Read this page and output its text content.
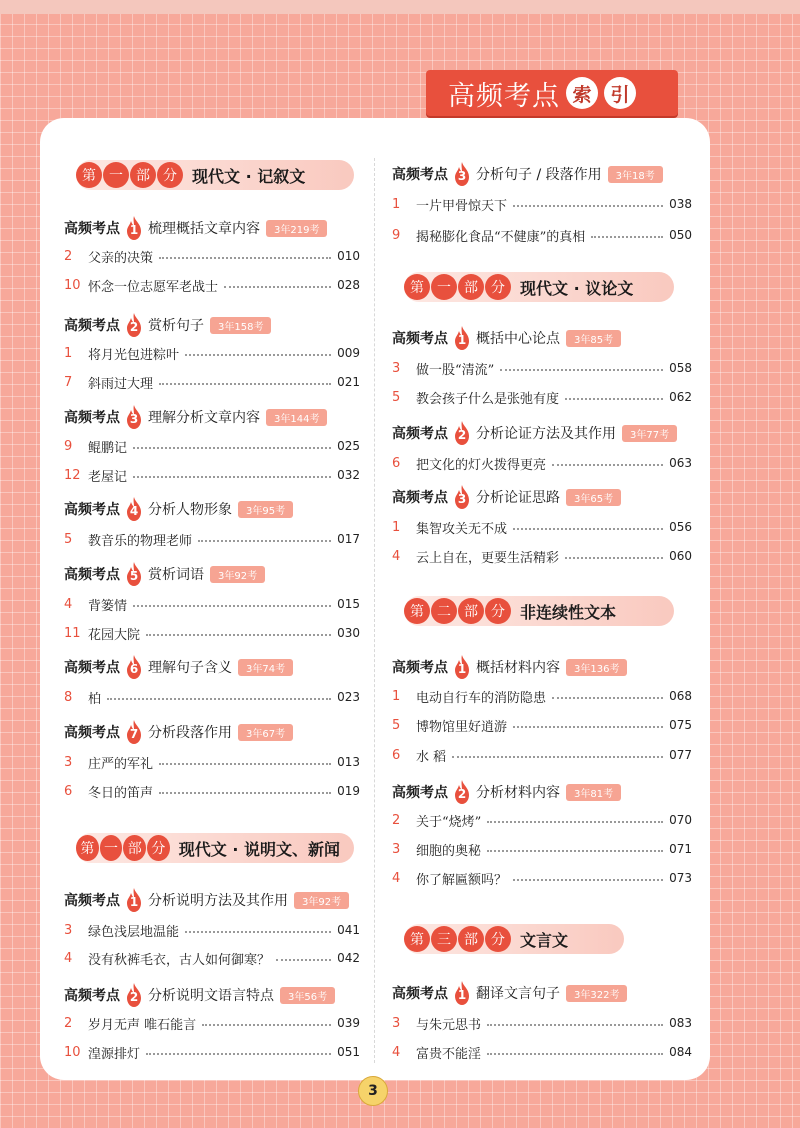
高频考点 索 引
第 一 部 分 现代文 · 记叙文
高频考点 1 梳理概括文章内容	3年219考
2	父亲的决策	010
10 怀念一位志愿军老战士	028
高频考点 2 赏析句子	3年158考
1	将月光包进粽叶	009
7	斜雨过大理	021
高频考点 3 理解分析文章内容	3年144考
9	鲲鹏记	025
12 老屋记	032
高频考点 4 分析人物形象	3年95考
5	教音乐的物理老师	017
高频考点 5 赏析词语	3年92考
4	背篓情	015
11 花园大院	030
高频考点 6 理解句子含义	3年74考
8	柏	023
高频考点 7 分析段落作用	3年67考
3	庄严的军礼	013
6	冬日的笛声	019
第 一 部 分 现代文 · 说明文、新闻
高频考点 1 分析说明方法及其作用	3年92考
3	绿色浅层地温能	041
4	没有秋裤毛衣，古人如何御寒？	042
高频考点 2 分析说明文语言特点	3年56考
2	岁月无声 唯石能言	039
10 湟源排灯	051
高频考点 3 分析句子 / 段落作用	3年18考
1	一片甲骨惊天下	038
9	揭秘膨化食品“不健康”的真相	050
第 一 部 分 现代文 · 议论文
高频考点 1 概括中心论点	3年85考
3	做一股“清流”	058
5	教会孩子什么是张弛有度	062
高频考点 2 分析论证方法及其作用	3年77考
6	把文化的灯火拨得更亮	063
高频考点 3 分析论证思路	3年65考
1	集智攻关无不成	056
4	云上自在，更要生活精彩	060
第 二 部 分 非连续性文本
高频考点 1 概括材料内容	3年136考
1	电动自行车的消防隐患	068
5	博物馆里好逍游	075
6	水 稻	077
高频考点 2 分析材料内容	3年81考
2	关于“烧烤”	070
3	细胞的奥秘	071
4	你了解匾额吗？	073
第 三 部 分 文言文
高频考点 1 翻译文言句子	3年322考
3	与朱元思书	083
4	富贵不能淫	084
3
